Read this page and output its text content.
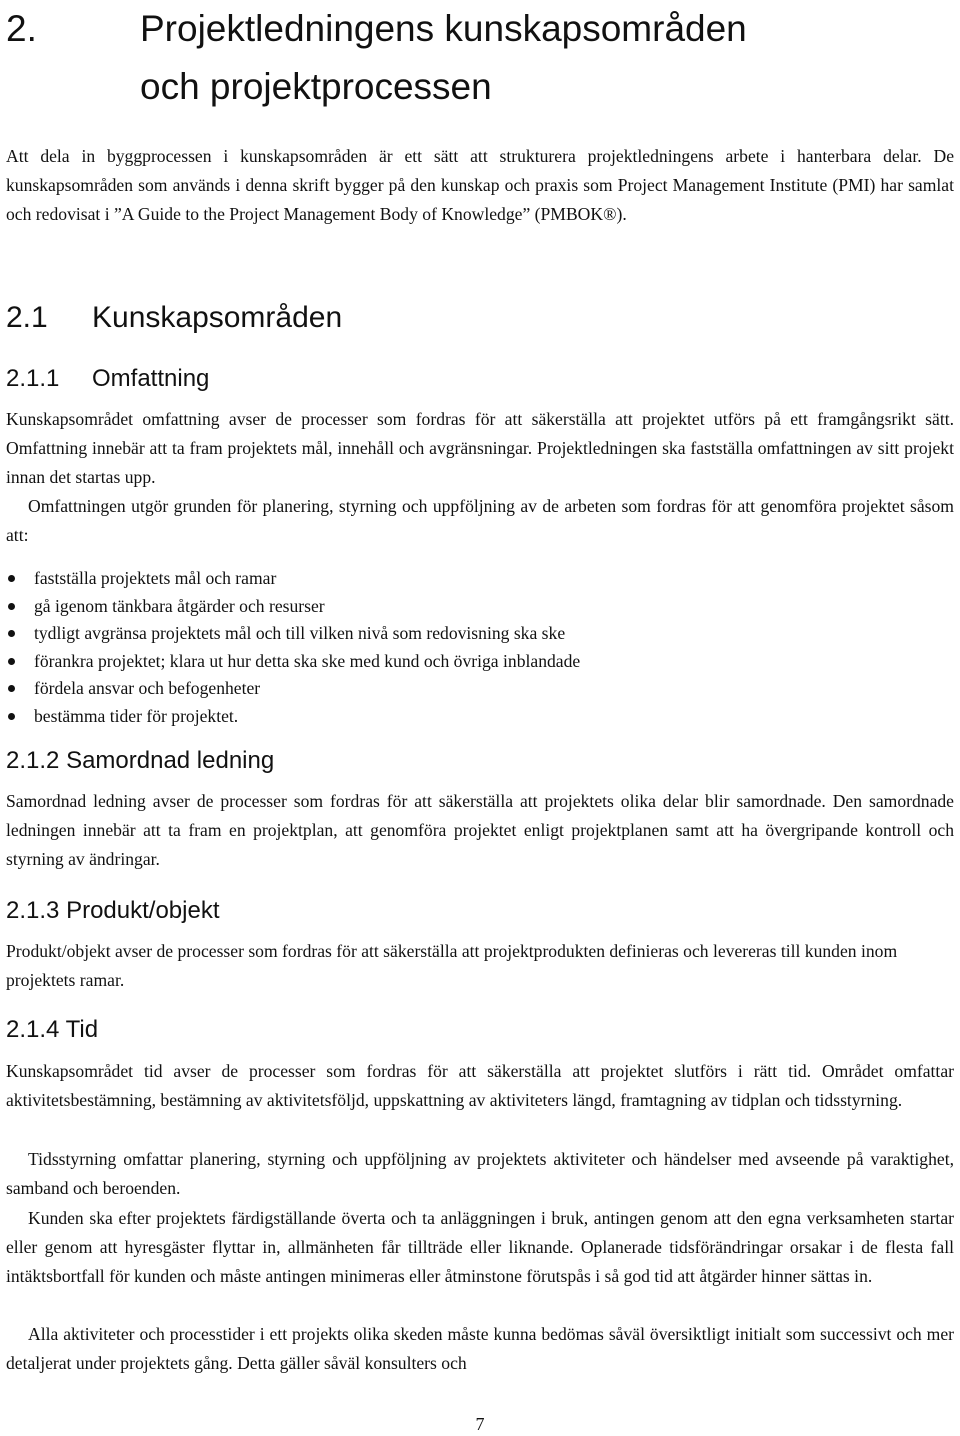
2.	Projektledningens kunskapsområden
och projektprocessen

Att dela in byggprocessen i kunskapsområden är ett sätt att strukturera projektledningens arbete i hanterbara delar. De kunskapsområden som används i denna skrift bygger på den kunskap och praxis som Project Management Institute (PMI) har samlat och redovisat i ”A Guide to the Project Management Body of Knowledge” (PMBOK®).

2.1 Kunskapsområden
2.1.1 Omfattning

Kunskapsområdet omfattning avser de processer som fordras för att säkerställa att projektet utförs på ett framgångsrikt sätt. Omfattning innebär att ta fram projektets mål, innehåll och avgränsningar. Projektledningen ska fastställa omfattningen av sitt projekt innan det startas upp.

Omfattningen utgör grunden för planering, styrning och uppföljning av de arbeten som fordras för att genomföra projektet såsom att:

fastställa projektets mål och ramar
gå igenom tänkbara åtgärder och resurser
tydligt avgränsa projektets mål och till vilken nivå som redovisning ska ske
förankra projektet; klara ut hur detta ska ske med kund och övriga inblandade
fördela ansvar och befogenheter
bestämma tider för projektet.
2.1.2 Samordnad ledning

Samordnad ledning avser de processer som fordras för att säkerställa att projektets olika delar blir samordnade. Den samordnade ledningen innebär att ta fram en projektplan, att genomföra projektet enligt projektplanen samt att ha övergripande kontroll och styrning av ändringar.

2.1.3 Produkt/objekt

Produkt/objekt avser de processer som fordras för att säkerställa att projektprodukten definieras och levereras till kunden inom projektets ramar.

2.1.4 Tid

Kunskapsområdet tid avser de processer som fordras för att säkerställa att projektet slutförs i rätt tid. Området omfattar aktivitetsbestämning, bestämning av aktivitetsföljd, uppskattning av aktiviteters längd, framtagning av tidplan och tidsstyrning.

Tidsstyrning omfattar planering, styrning och uppföljning av projektets aktiviteter och händelser med avseende på varaktighet, samband och beroenden.

Kunden ska efter projektets färdigställande överta och ta anläggningen i bruk, antingen genom att den egna verksamheten startar eller genom att hyresgäster flyttar in, allmänheten får tillträde eller liknande. Oplanerade tidsförändringar orsakar i de flesta fall intäktsbortfall för kunden och måste antingen minimeras eller åtminstone förutspås i så god tid att åtgärder hinner sättas in.

Alla aktiviteter och processtider i ett projekts olika skeden måste kunna bedömas såväl översiktligt initialt som successivt och mer detaljerat under projektets gång. Detta gäller såväl konsulters och

7
